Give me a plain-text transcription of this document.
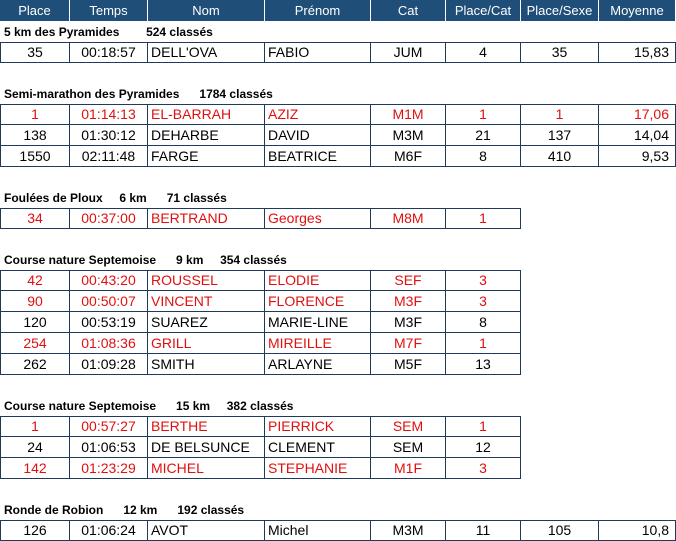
Place	Temps	Nom	Prénom	Cat	Place/Cat	Place/Sexe	Moyenne
5 km des Pyramides        524 classés
35	00:18:57	DELL'OVA	FABIO	JUM	4	35	15,83
Semi-marathon des Pyramides      1784 classés
1	01:14:13	EL-BARRAH	AZIZ	M1M	1	1	17,06
138	01:30:12	DEHARBE	DAVID	M3M	21	137	14,04
1550	02:11:48	FARGE	BEATRICE	M6F	8	410	9,53
Foulées de Ploux     6 km      71 classés
34	00:37:00	BERTRAND	Georges	M8M	1
Course nature Septemoise      9 km     354 classés
42	00:43:20	ROUSSEL	ELODIE	SEF	3
90	00:50:07	VINCENT	FLORENCE	M3F	3
120	00:53:19	SUAREZ	MARIE-LINE	M3F	8
254	01:08:36	GRILL	MIREILLE	M7F	1
262	01:09:28	SMITH	ARLAYNE	M5F	13
Course nature Septemoise      15 km     382 classés
1	00:57:27	BERTHE	PIERRICK	SEM	1
24	01:06:53	DE BELSUNCE	CLEMENT	SEM	12
142	01:23:29	MICHEL	STEPHANIE	M1F	3
Ronde de Robion      12 km      192 classés
126	01:06:24	AVOT	Michel	M3M	11	105	10,8
